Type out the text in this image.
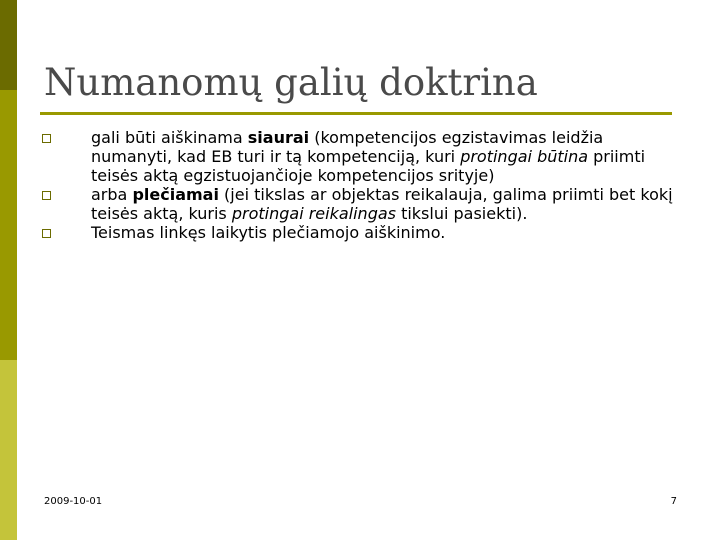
Numanomų galių doktrina
gali būti aiškinama siaurai (kompetencijos egzistavimas leidžia numanyti, kad EB turi ir tą kompetenciją, kuri protingai būtina priimti teisės aktą egzistuojančioje kompetencijos srityje)
arba plečiamai (jei tikslas ar objektas reikalauja, galima priimti bet kokį teisės aktą, kuris protingai reikalingas tikslui pasiekti).
Teismas linkęs laikytis plečiamojo aiškinimo.
2009-10-01	7
